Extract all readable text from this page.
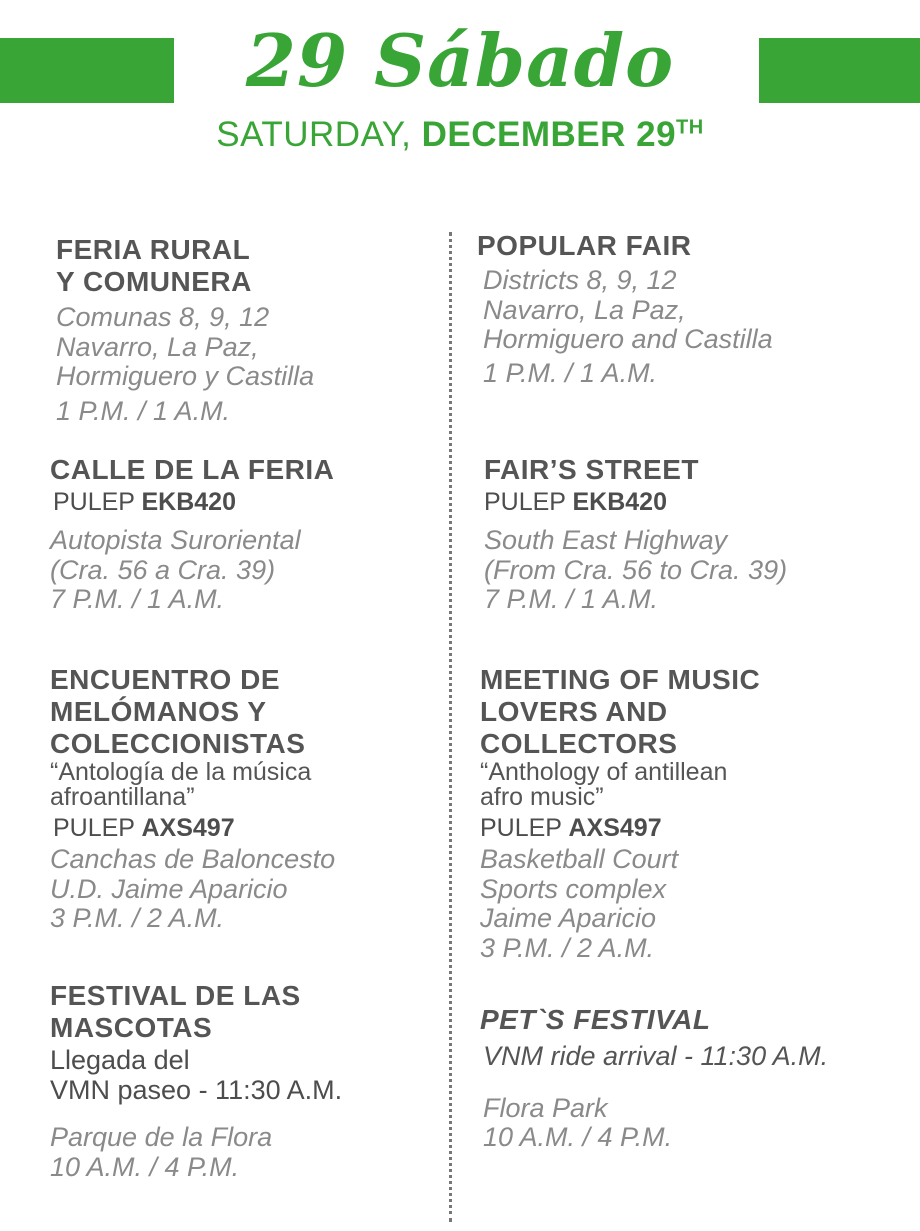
29 Sábado
SATURDAY, DECEMBER 29TH
FERIA RURAL
Y COMUNERA
Comunas 8, 9, 12
Navarro, La Paz,
Hormiguero y Castilla
1 P.M. / 1 A.M.
CALLE DE LA FERIA
PULEP EKB420
Autopista Suroriental
(Cra. 56 a Cra. 39)
7 P.M. / 1 A.M.
ENCUENTRO DE
MELÓMANOS Y
COLECCIONISTAS
“Antología de la música
afroantillana”
PULEP AXS497
Canchas de Baloncesto
U.D. Jaime Aparicio
3 P.M. / 2 A.M.
FESTIVAL DE LAS
MASCOTAS
Llegada del
VMN paseo - 11:30 A.M.
Parque de la Flora
10 A.M. / 4 P.M.
POPULAR FAIR
Districts 8, 9, 12
Navarro, La Paz,
Hormiguero and Castilla
1 P.M. / 1 A.M.
FAIR’S STREET
PULEP EKB420
South East Highway
(From Cra. 56 to Cra. 39)
7 P.M. / 1 A.M.
MEETING OF MUSIC
LOVERS AND
COLLECTORS
“Anthology of antillean
afro music”
PULEP AXS497
Basketball Court
Sports complex
Jaime Aparicio
3 P.M. / 2 A.M.
PET`S FESTIVAL
VNM ride arrival - 11:30 A.M.
Flora Park
10 A.M. / 4 P.M.
